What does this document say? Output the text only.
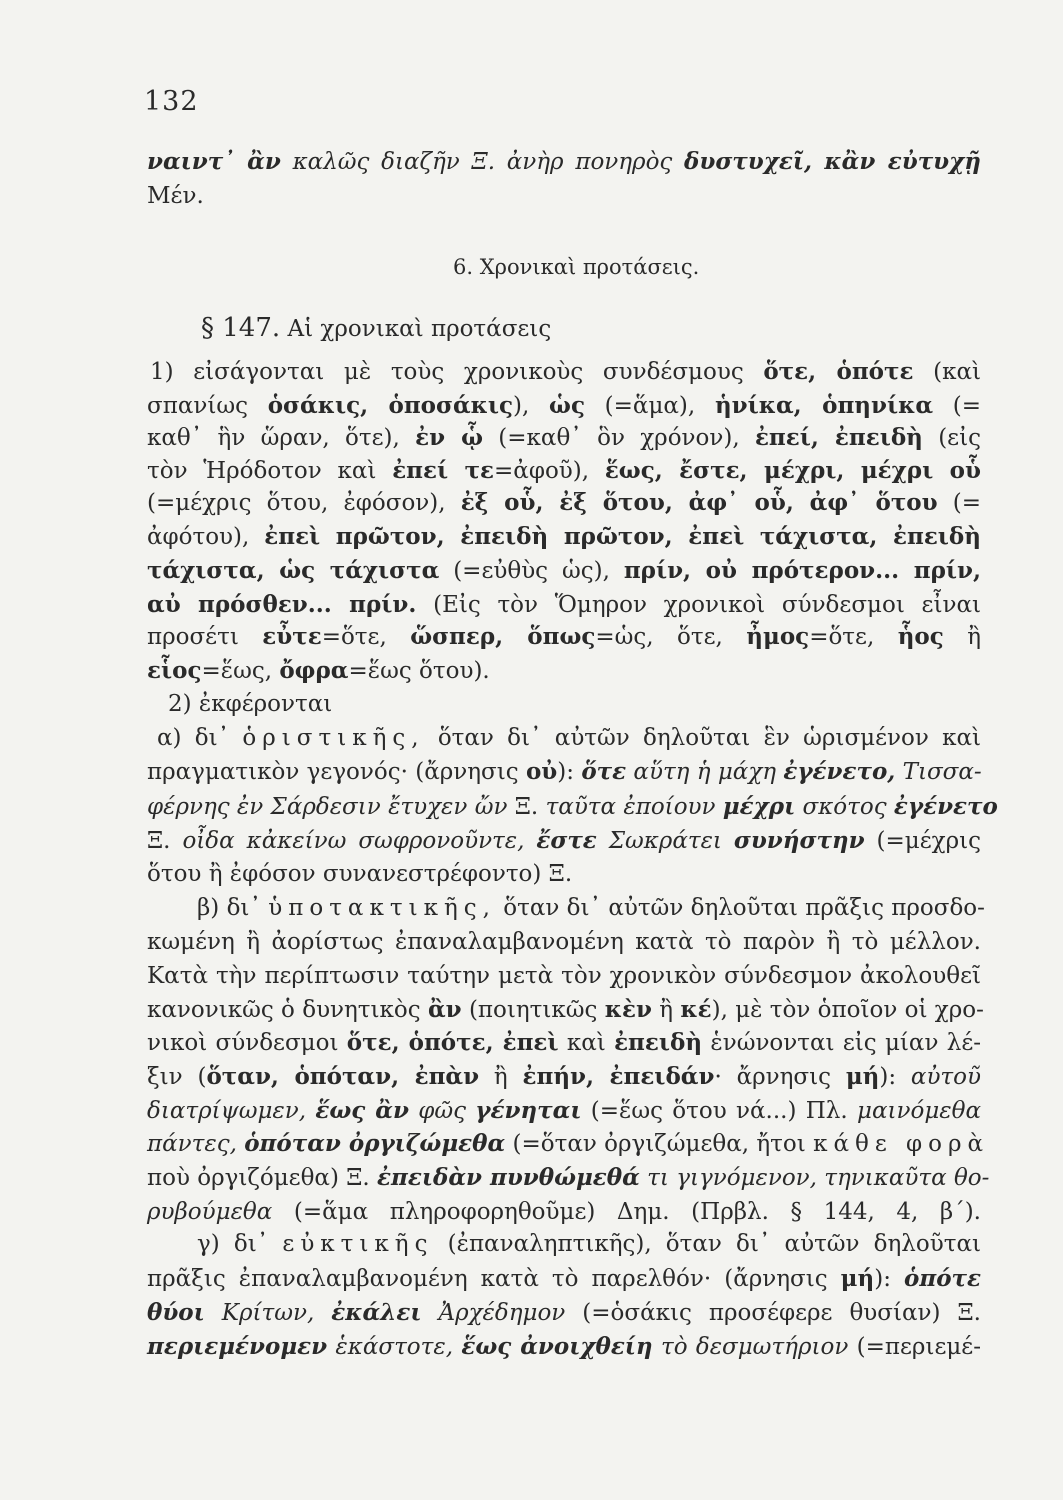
132
6. Χρονικαὶ προτάσεις.
ναιντ᾽ ἂν καλῶς διαζῆν Ξ. ἀνὴρ πονηρὸς δυστυχεῖ, κἂν εὐτυχῇ
Μέν.
§ 147. Αἱ χρονικαὶ προτάσεις
1) εἰσάγονται μὲ τοὺς χρονικοὺς συνδέσμους ὅτε, ὁπότε (καὶ
σπανίως ὁσάκις, ὁποσάκις), ὡς (=ἅμα), ἡνίκα, ὁπηνίκα (=
καθ᾽ ἣν ὥραν, ὅτε), ἐν ᾧ (=καθ᾽ ὃν χρόνον), ἐπεί, ἐπειδὴ (εἰς
τὸν Ἡρόδοτον καὶ ἐπεί τε=ἀφοῦ), ἕως, ἔστε, μέχρι, μέχρι οὗ
(=μέχρις ὅτου, ἐφόσον), ἐξ οὗ, ἐξ ὅτου, ἀφ᾽ οὗ, ἀφ᾽ ὅτου (=
ἀφότου), ἐπεὶ πρῶτον, ἐπειδὴ πρῶτον, ἐπεὶ τάχιστα, ἐπειδὴ
τάχιστα, ὡς τάχιστα (=εὐθὺς ὡς), πρίν, οὐ πρότερον... πρίν,
αὐ πρόσθεν... πρίν. (Εἰς τὸν Ὅμηρον χρονικοὶ σύνδεσμοι εἶναι
προσέτι εὖτε=ὅτε, ὥσπερ, ὅπως=ὡς, ὅτε, ἦμος=ὅτε, ἧος ἢ
εἷος=ἕως, ὄφρα=ἕως ὅτου).
2) ἐκφέρονται
α) δι᾽ ὁριστικῆς, ὅταν δι᾽ αὐτῶν δηλοῦται ἓν ὡρισμένον καὶ
πραγματικὸν γεγονός· (ἄρνησις οὐ): ὅτε αὕτη ἡ μάχη ἐγένετο, Τισσα-
φέρνης ἐν Σάρδεσιν ἔτυχεν ὤν Ξ. ταῦτα ἐποίουν μέχρι σκότος ἐγένετο
Ξ. οἶδα κἀκείνω σωφρονοῦντε, ἔστε Σωκράτει συνήστην (=μέχρις
ὅτου ἢ ἐφόσον συνανεστρέφοντο) Ξ.
β) δι᾽ ὑποτακτικῆς, ὅταν δι᾽ αὐτῶν δηλοῦται πρᾶξις προσδο-
κωμένη ἢ ἀορίστως ἐπαναλαμβανομένη κατὰ τὸ παρὸν ἢ τὸ μέλλον.
Κατὰ τὴν περίπτωσιν ταύτην μετὰ τὸν χρονικὸν σύνδεσμον ἀκολουθεῖ
κανονικῶς ὁ δυνητικὸς ἂν (ποιητικῶς κὲν ἢ κέ), μὲ τὸν ὁποῖον οἱ χρο-
νικοὶ σύνδεσμοι ὅτε, ὁπότε, ἐπεὶ καὶ ἐπειδὴ ἑνώνονται εἰς μίαν λέ-
ξιν (ὅταν, ὁπόταν, ἐπὰν ἢ ἐπήν, ἐπειδάν· ἄρνησις μή): αὐτοῦ
διατρίψωμεν, ἕως ἂν φῶς γένηται (=ἕως ὅτου νά...) Πλ. μαινόμεθα
πάντες, ὁπόταν ὀργιζώμεθα (=ὅταν ὀργιζώμεθα, ἤτοι κάθε φορὰ
ποὺ ὀργιζόμεθα) Ξ. ἐπειδὰν πυνθώμεθά τι γιγνόμενον, τηνικαῦτα θο-
ρυβούμεθα (=ἅμα πληροφορηθοῦμε) Δημ. (Πρβλ. § 144, 4, β΄).
γ) δι᾽ εὐκτικῆς (ἐπαναληπτικῆς), ὅταν δι᾽ αὐτῶν δηλοῦται
πρᾶξις ἐπαναλαμβανομένη κατὰ τὸ παρελθόν· (ἄρνησις μή): ὁπότε
θύοι Κρίτων, ἐκάλει Ἀρχέδημον (=ὁσάκις προσέφερε θυσίαν) Ξ.
περιεμένομεν ἑκάστοτε, ἕως ἀνοιχθείη τὸ δεσμωτήριον (=περιεμέ-
